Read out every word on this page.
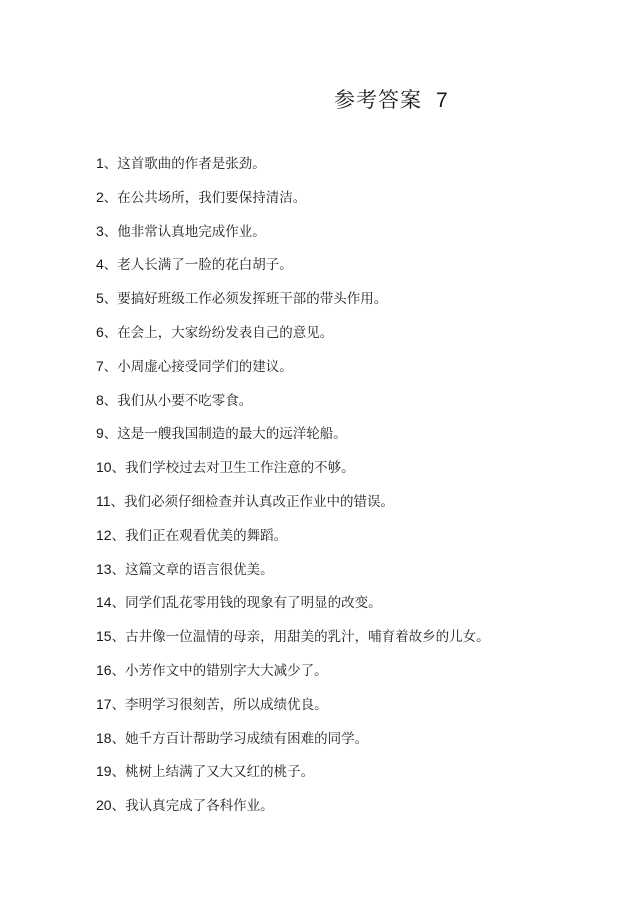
参考答案 7
1、这首歌曲的作者是张劲。
2、在公共场所，我们要保持清洁。
3、他非常认真地完成作业。
4、老人长满了一脸的花白胡子。
5、要搞好班级工作必须发挥班干部的带头作用。
6、在会上，大家纷纷发表自己的意见。
7、小周虚心接受同学们的建议。
8、我们从小要不吃零食。
9、这是一艘我国制造的最大的远洋轮船。
10、我们学校过去对卫生工作注意的不够。
11、我们必须仔细检查并认真改正作业中的错误。
12、我们正在观看优美的舞蹈。
13、这篇文章的语言很优美。
14、同学们乱花零用钱的现象有了明显的改变。
15、古井像一位温情的母亲，用甜美的乳汁，哺育着故乡的儿女。
16、小芳作文中的错别字大大减少了。
17、李明学习很刻苦，所以成绩优良。
18、她千方百计帮助学习成绩有困难的同学。
19、桃树上结满了又大又红的桃子。
20、我认真完成了各科作业。
